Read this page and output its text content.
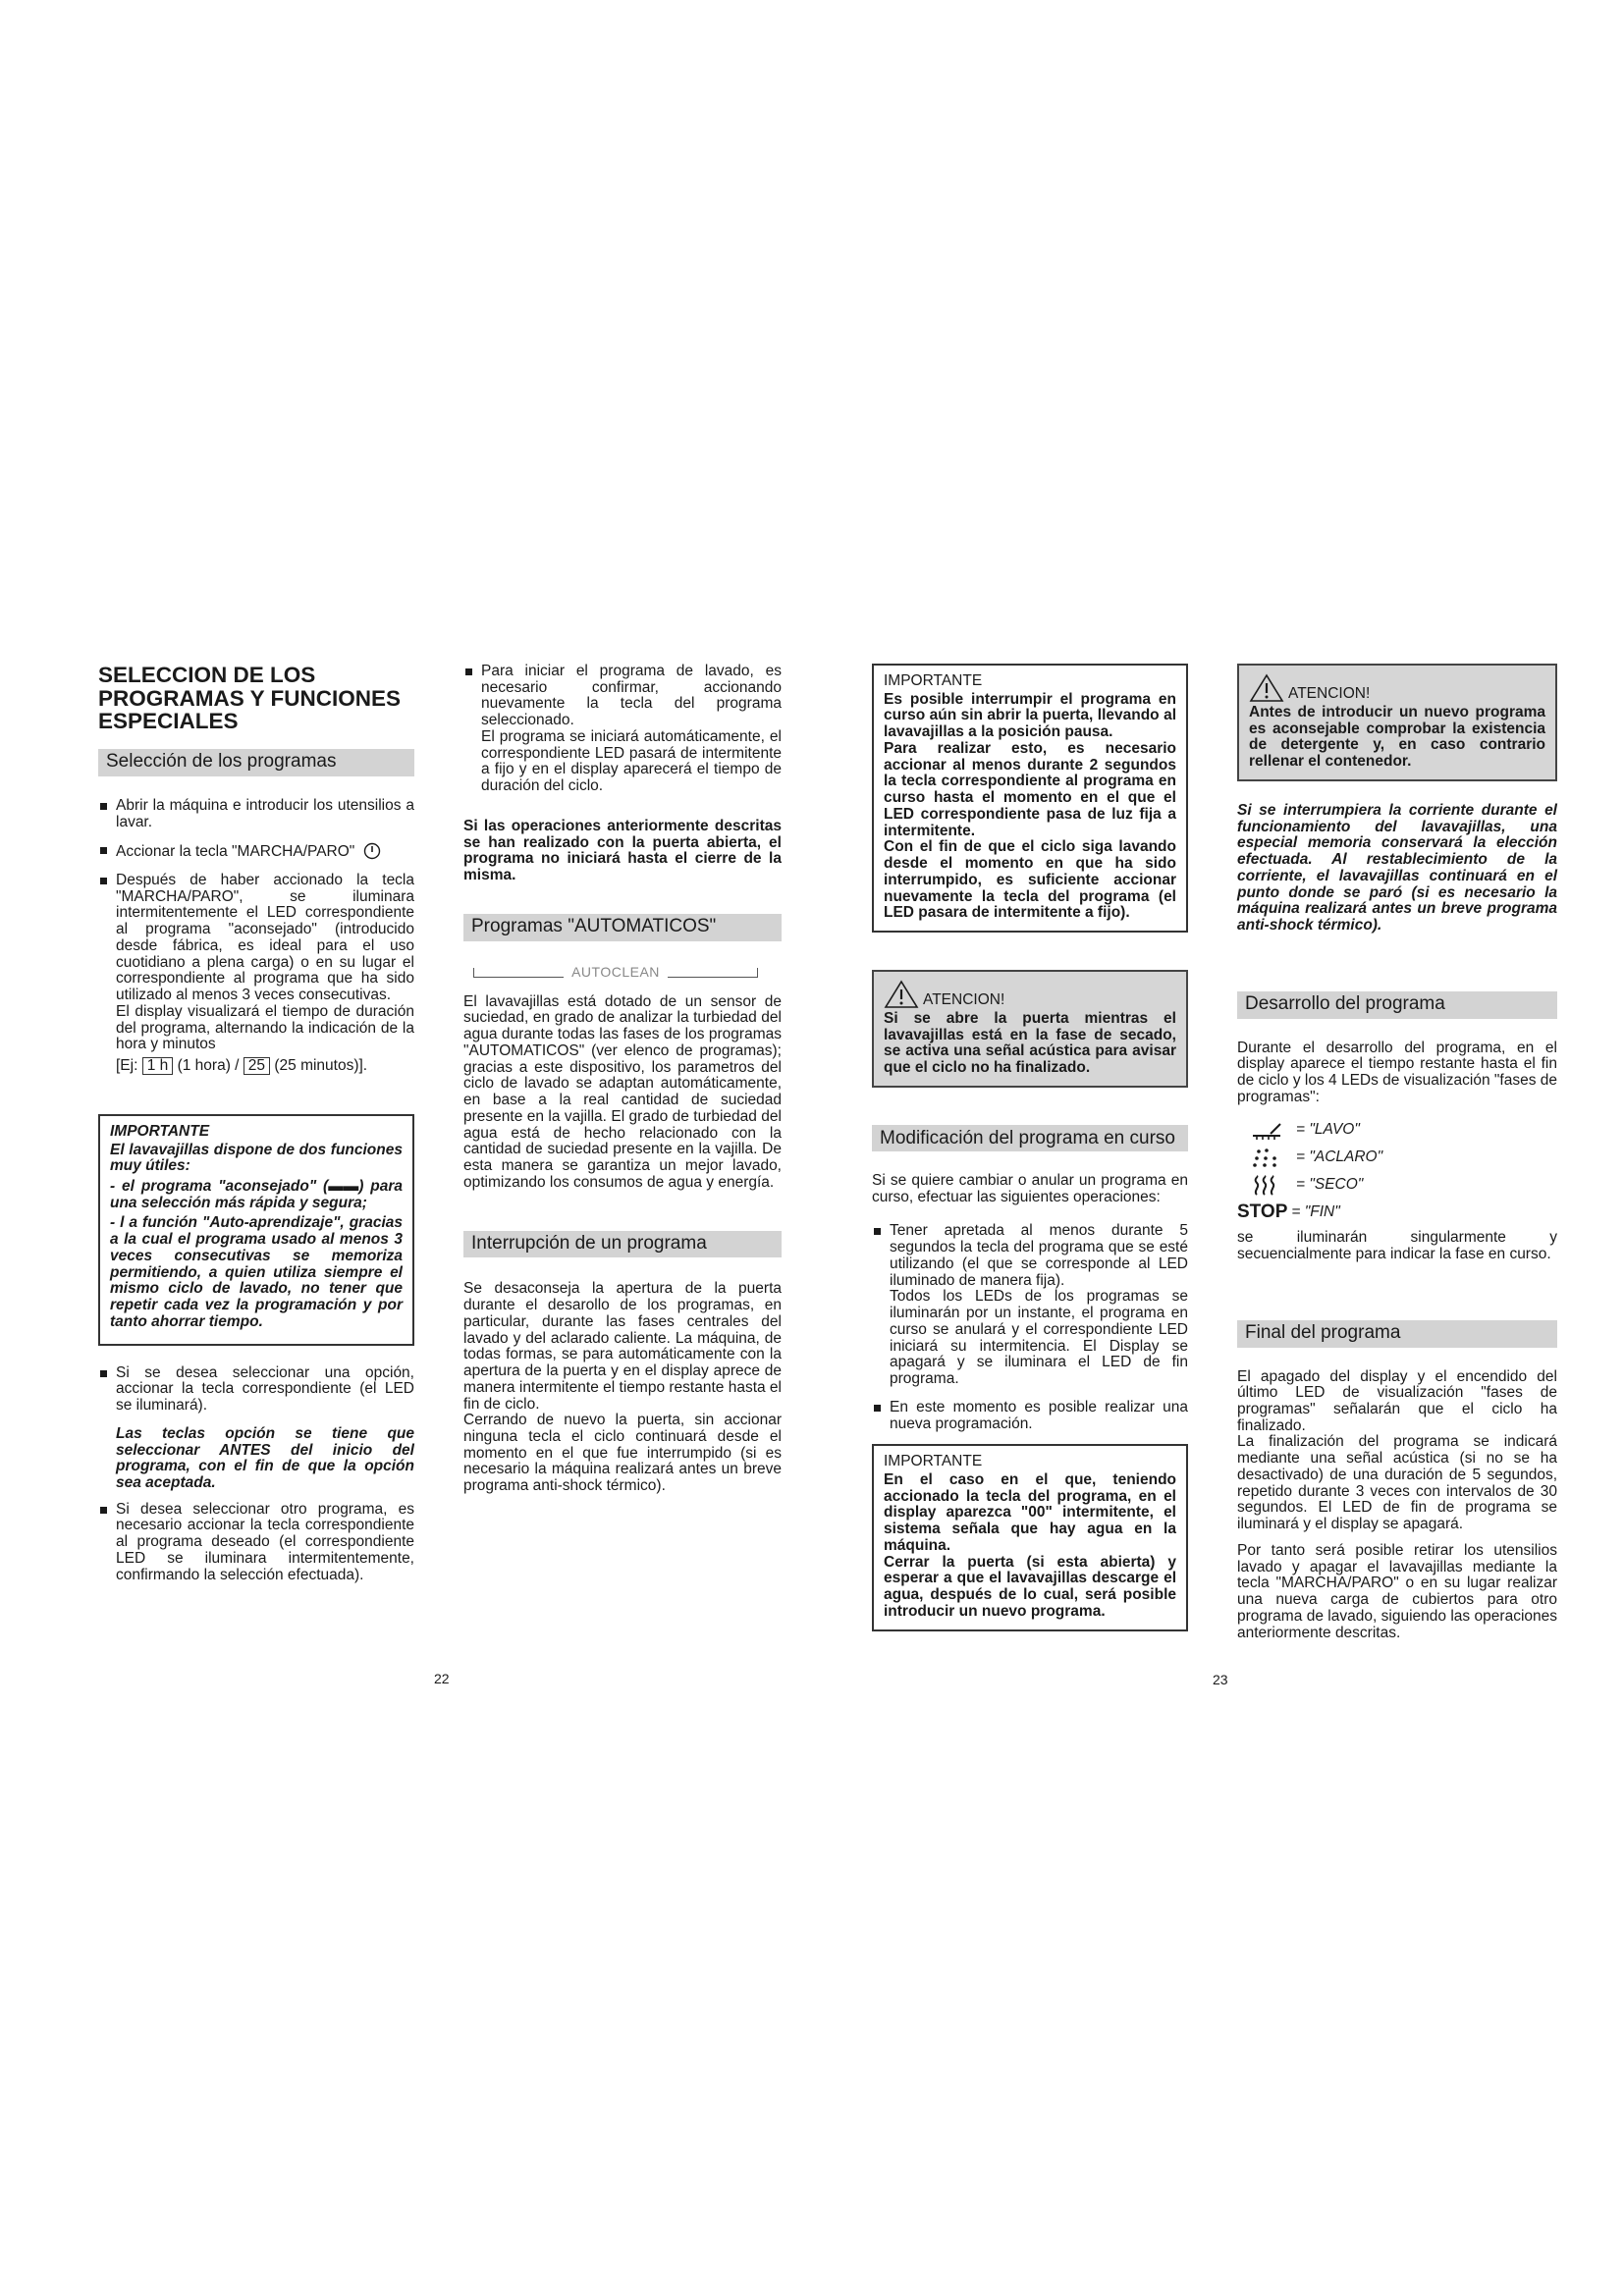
SELECCION DE LOS PROGRAMAS Y FUNCIONES ESPECIALES
Selección de los programas
Abrir la máquina e introducir los utensilios a lavar.
Accionar la tecla "MARCHA/PARO"
Después de haber accionado la tecla "MARCHA/PARO", se iluminara intermitentemente el LED correspondiente al programa "aconsejado" (introducido desde fábrica, es ideal para el uso cuotidiano a plena carga) o en su lugar el correspondiente al programa que ha sido utilizado al menos 3 veces consecutivas.
El display visualizará el tiempo de duración del programa, alternando la indicación de la hora y minutos
[Ej: 1 h (1 hora) / 25 (25 minutos)].
IMPORTANTE

El lavavajillas dispone de dos funciones muy útiles:

- el programa "aconsejado" (▬▬) para una selección más rápida y segura;

- l a función "Auto-aprendizaje", gracias a la cual el programa usado al menos 3 veces consecutivas se memoriza permitiendo, a quien utiliza siempre el mismo ciclo de lavado, no tener que repetir cada vez la programación y por tanto ahorrar tiempo.

Si se desea seleccionar una opción, accionar la tecla correspondiente (el LED se iluminará).

Las teclas opción se tiene que seleccionar ANTES del inicio del programa, con el fin de que la opción sea aceptada.

Si desea seleccionar otro programa, es necesario accionar la tecla correspondiente al programa deseado (el correspondiente LED se iluminara intermitentemente, confirmando la selección efectuada).
Para iniciar el programa de lavado, es necesario confirmar, accionando nuevamente la tecla del programa seleccionado.
El programa se iniciará automáticamente, el correspondiente LED pasará de intermitente a fijo y en el display aparecerá el tiempo de duración del ciclo.

Si las operaciones anteriormente descritas se han realizado con la puerta abierta, el programa no iniciará hasta el cierre de la misma.

Programas "AUTOMATICOS"
AUTOCLEAN

El lavavajillas está dotado de un sensor de suciedad, en grado de analizar la turbiedad del agua durante todas las fases de los programas "AUTOMATICOS" (ver elenco de programas); gracias a este dispositivo, los parametros del ciclo de lavado se adaptan automáticamente, en base a la real cantidad de suciedad presente en la vajilla. El grado de turbiedad del agua está de hecho relacionado con la cantidad de suciedad presente en la vajilla. De esta manera se garantiza un mejor lavado, optimizando los consumos de agua y energía.

Interrupción de un programa

Se desaconseja la apertura de la puerta durante el desarollo de los programas, en particular, durante las fases centrales del lavado y del aclarado caliente. La máquina, de todas formas, se para automáticamente con la apertura de la puerta y en el display aprece de manera intermitente el tiempo restante hasta el fin de ciclo.

Cerrando de nuevo la puerta, sin accionar ninguna tecla el ciclo continuará desde el momento en el que fue interrumpido (si es necesario la máquina realizará antes un breve programa anti-shock térmico).

22
IMPORTANTE

Es posible interrumpir el programa en curso aún sin abrir la puerta, llevando al lavavajillas a la posición pausa.

Para realizar esto, es necesario accionar al menos durante 2 segundos la tecla correspondiente al programa en curso hasta el momento en el que el LED correspondiente pasa de luz fija a intermitente.

Con el fin de que el ciclo siga lavando desde el momento en que ha sido interrumpido, es suficiente accionar nuevamente la tecla del programa (el LED pasara de intermitente a fijo).

ATENCION!

Si se abre la puerta mientras el lavavajillas está en la fase de secado, se activa una señal acústica para avisar que el ciclo no ha finalizado.

Modificación del programa en curso

Si se quiere cambiar o anular un programa en curso, efectuar las siguientes operaciones:

Tener apretada al menos durante 5 segundos la tecla del programa que se esté utilizando (el que se corresponde al LED iluminado de manera fija).
Todos los LEDs de los programas se iluminarán por un instante, el programa en curso se anulará y el correspondiente LED iniciará su intermitencia. El Display se apagará y se iluminara el LED de fin programa.
En este momento es posible realizar una nueva programación.
IMPORTANTE

En el caso en el que, teniendo accionado la tecla del programa, en el display aparezca "00" intermitente, el sistema señala que hay agua en la máquina.

Cerrar la puerta (si esta abierta) y esperar a que el lavavajillas descarge el agua, después de lo cual, será posible introducir un nuevo programa.

23
ATENCION!

Antes de introducir un nuevo programa es aconsejable comprobar la existencia de detergente y, en caso contrario rellenar el contenedor.

Si se interrumpiera la corriente durante el funcionamiento del lavavajillas, una especial memoria conservará la elección efectuada. Al restablecimiento de la corriente, el lavavajillas continuará en el punto donde se paró (si es necesario la máquina realizará antes un breve programa anti-shock térmico).

Desarrollo del programa

Durante el desarrollo del programa, en el display aparece el tiempo restante hasta el fin de ciclo y los 4 LEDs de visualización "fases de programas":

= "LAVO"
= "ACLARO"
= "SECO"
STOP = "FIN"

se iluminarán singularmente y secuencialmente para indicar la fase en curso.

Final del programa

El apagado del display y el encendido del último LED de visualización "fases de programas" señalarán que el ciclo ha finalizado.

La finalización del programa se indicará mediante una señal acústica (si no se ha desactivado) de una duración de 5 segundos, repetido durante 3 veces con intervalos de 30 segundos. El LED de fin de programa se iluminará y el display se apagará.

Por tanto será posible retirar los utensilios lavado y apagar el lavavajillas mediante la tecla "MARCHA/PARO" o en su lugar realizar una nueva carga de cubiertos para otro programa de lavado, siguiendo las operaciones anteriormente descritas.
